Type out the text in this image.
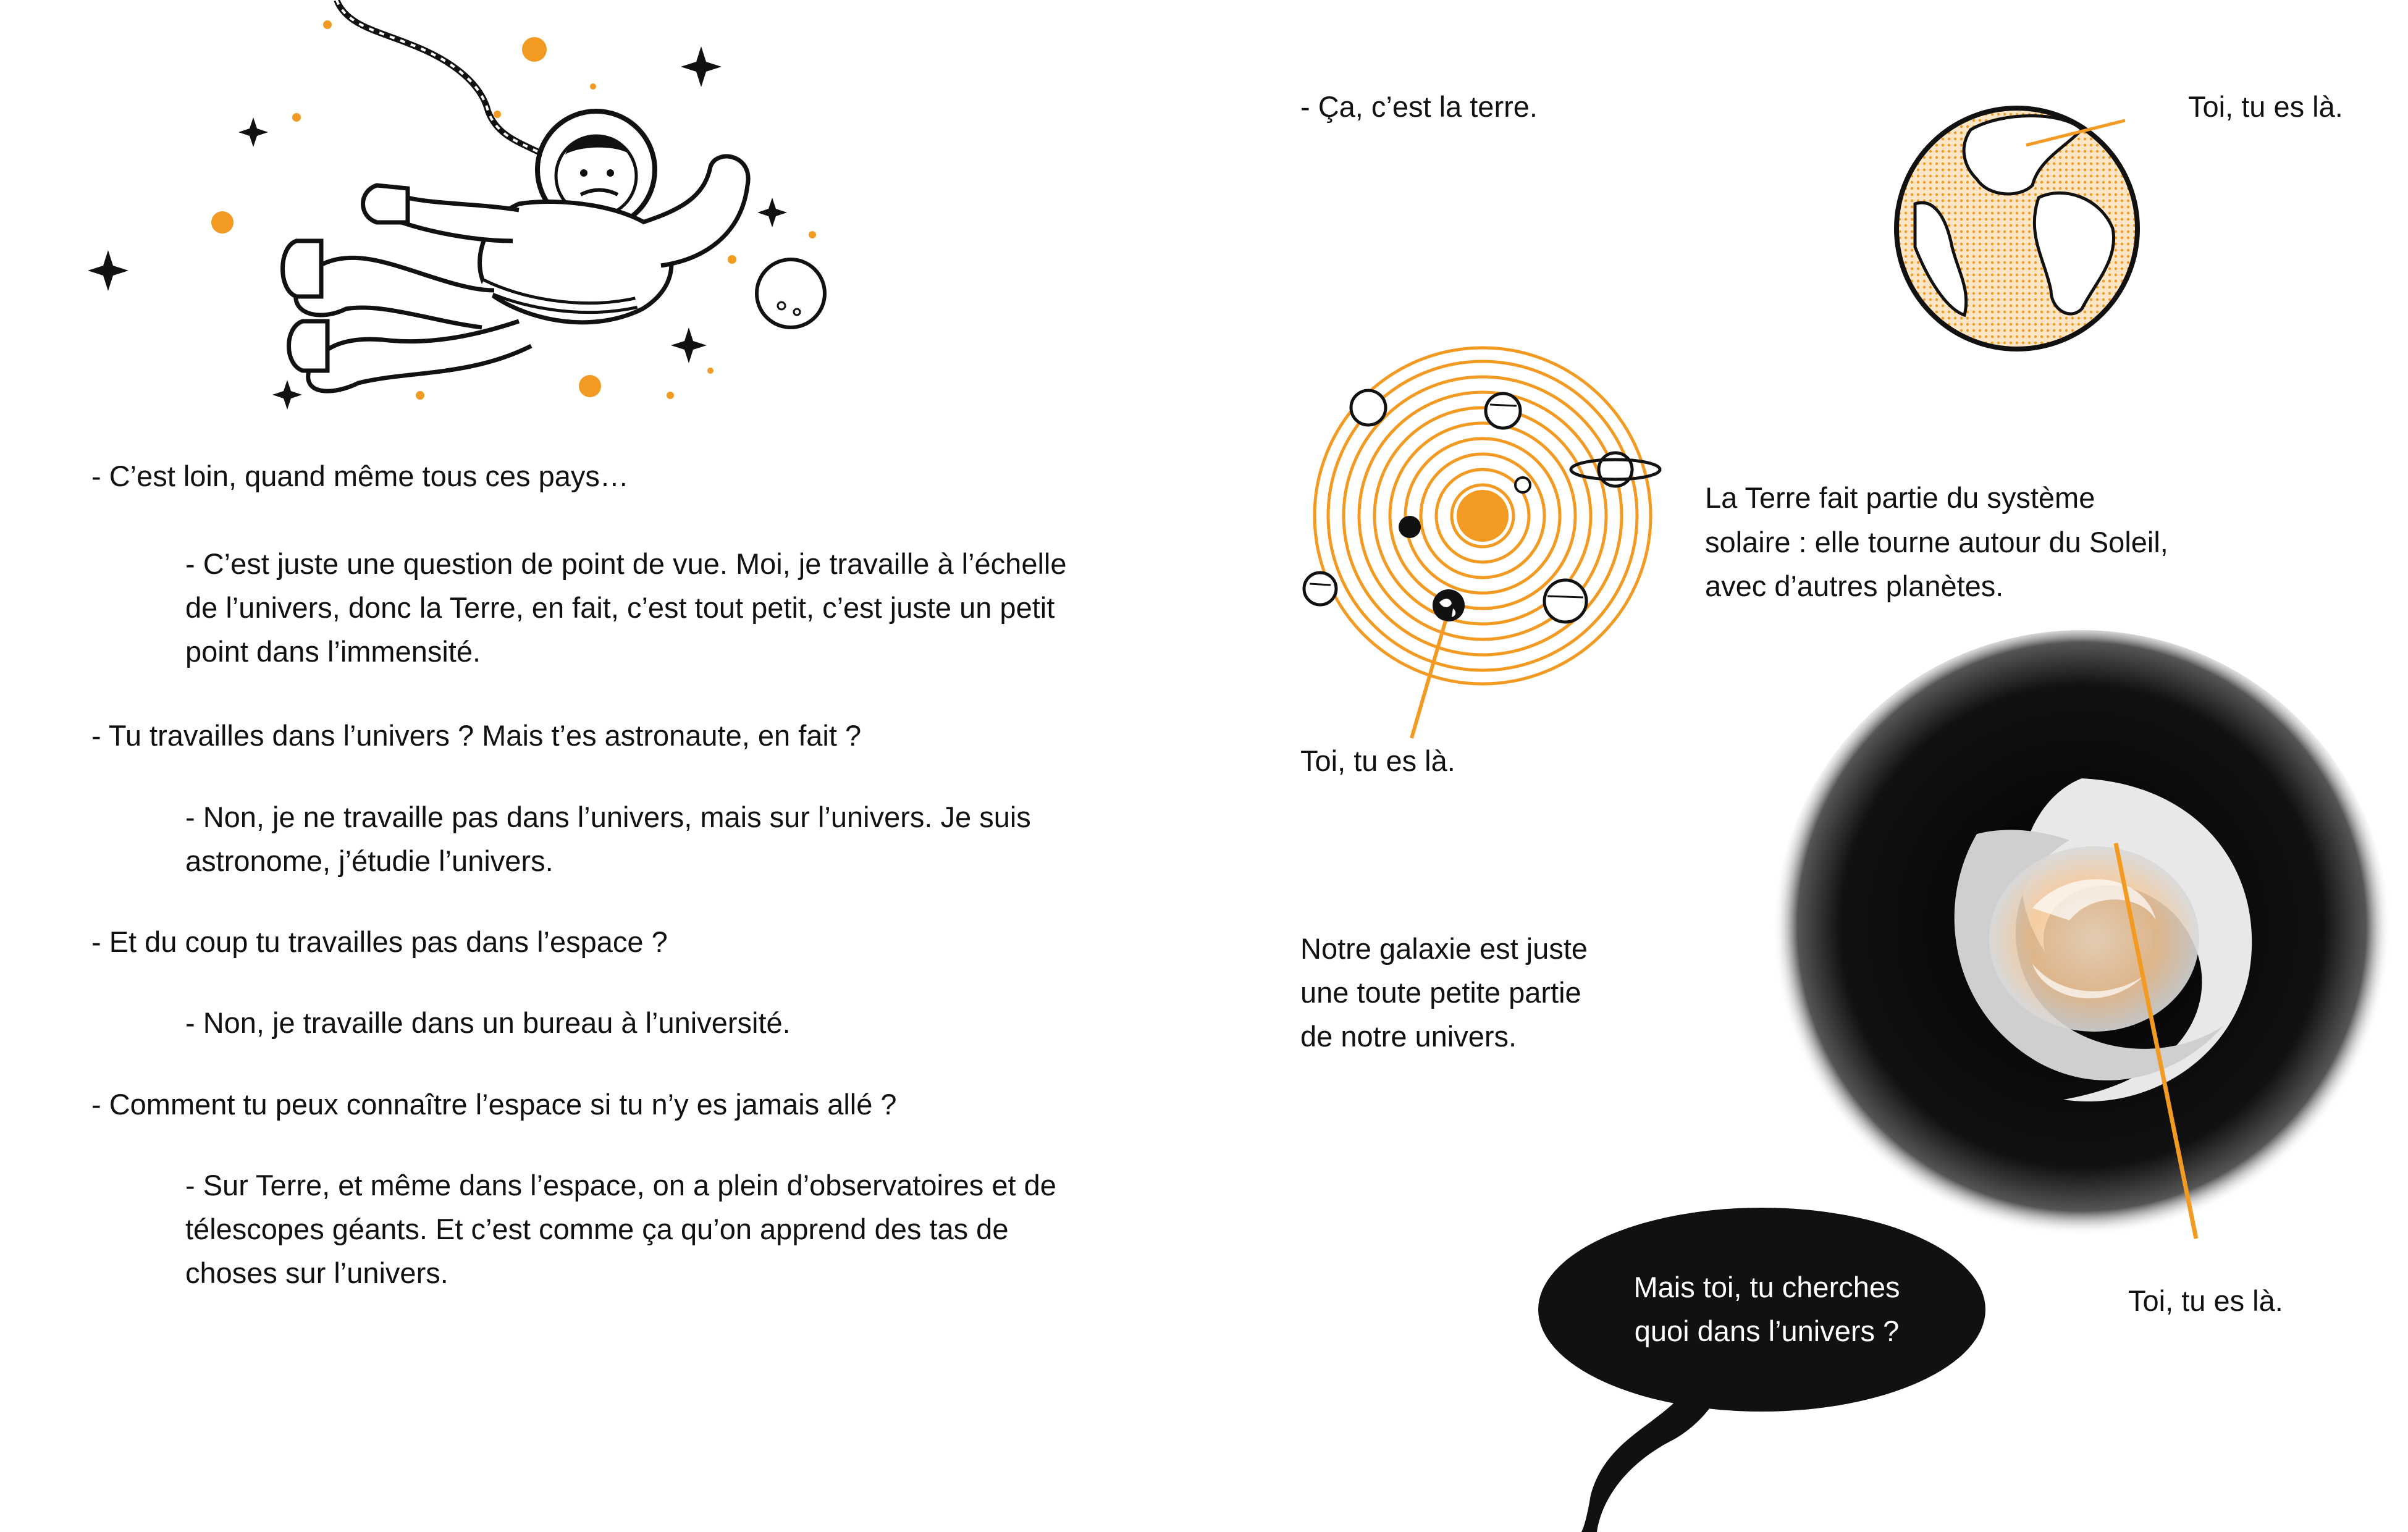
- C’est loin, quand même tous ces pays…
- C’est juste une question de point de vue. Moi, je travaille à l’échelle
de l’univers, donc la Terre, en fait, c’est tout petit, c’est juste un petit
point dans l’immensité.
- Tu travailles dans l’univers ? Mais t’es astronaute, en fait ?
- Non, je ne travaille pas dans l’univers, mais sur l’univers. Je suis
astronome, j’étudie l’univers.
- Et du coup tu travailles pas dans l’espace ?
- Non, je travaille dans un bureau à l’université.
- Comment tu peux connaître l’espace si tu n’y es jamais allé ?
- Sur Terre, et même dans l’espace, on a plein d’observatoires et de
télescopes géants. Et c’est comme ça qu’on apprend des tas de
choses sur l’univers.
- Ça, c’est la terre.	Toi, tu es là.
Toi, tu es là.
La Terre fait partie du système
solaire : elle tourne autour du Soleil,
avec d’autres planètes.
Notre galaxie est juste
une toute petite partie
de notre univers.
Toi, tu es là.
Mais toi, tu cherches
quoi dans l’univers ?
